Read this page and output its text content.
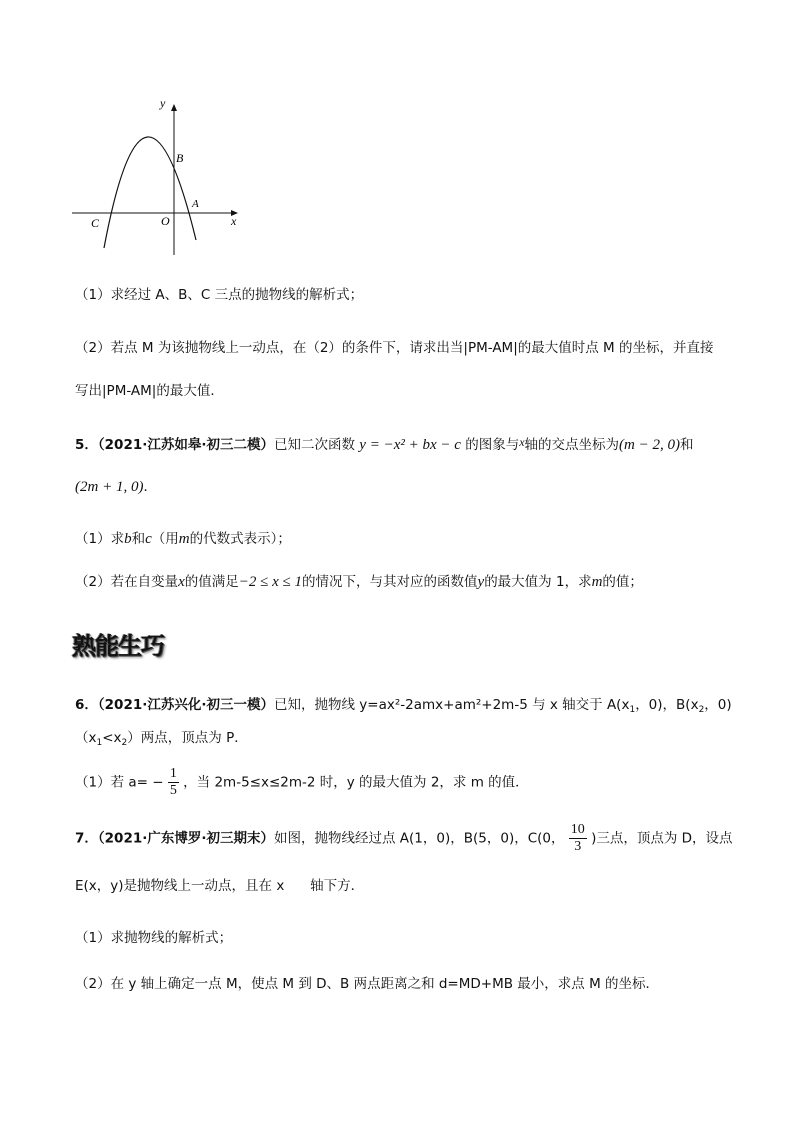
y
x
B
A
C	O
（1）求经过 A、B、C 三点的抛物线的解析式；
（2）若点 M 为该抛物线上一动点，在（2）的条件下，请求出当|PM-AM|的最大值时点 M 的坐标，并直接
写出|PM-AM|的最大值．
5．（2021·江苏如皋·初三二模）已知二次函数 y = −x² + bx − c 的图象与x轴的交点坐标为(m − 2, 0)和
(2m + 1, 0)．
（1）求b和c（用m的代数式表示）；
（2）若在自变量x的值满足−2 ≤ x ≤ 1的情况下，与其对应的函数值y的最大值为 1，求m的值；
熟能生巧
6．（2021·江苏兴化·初三一模）已知，抛物线 y=ax²-2amx+am²+2m-5 与 x 轴交于 $A(x_1$，0)，$B(x_2$，0)
$(x_1<x_2)$两点，顶点为 P．
（1）若 $a= - \frac{1}{5}$ ，当 2m-5≤x≤2m-2 时，y 的最大值为 2，求 m 的值．
7．（2021·广东博罗·初三期末）如图，抛物线经过点 A(1，0)，B(5，0)，C(0， $\frac{10}{3}$ )三点，顶点为 D，设点
E(x，y)是抛物线上一动点，且在 x      轴下方．
（1）求抛物线的解析式；
（2）在 y 轴上确定一点 M，使点 M 到 D、B 两点距离之和 d=MD+MB 最小，求点 M 的坐标．
